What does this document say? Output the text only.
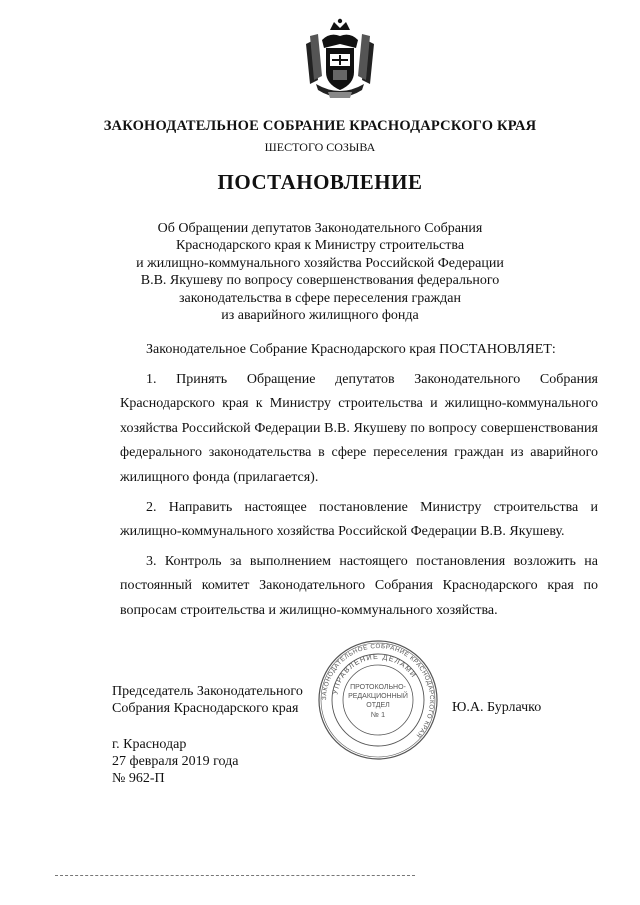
ЗАКОНОДАТЕЛЬНОЕ СОБРАНИЕ КРАСНОДАРСКОГО КРАЯ
ШЕСТОГО СОЗЫВА
ПОСТАНОВЛЕНИЕ
Об Обращении депутатов Законодательного Собрания
Краснодарского края к Министру строительства
и жилищно-коммунального хозяйства Российской Федерации
В.В. Якушеву по вопросу совершенствования федерального
законодательства в сфере переселения граждан
из аварийного жилищного фонда

Законодательное Собрание Краснодарского края ПОСТАНОВЛЯЕТ:

1. Принять Обращение депутатов Законодательного Собрания Краснодарского края к Министру строительства и жилищно-коммунального хозяйства Российской Федерации В.В. Якушеву по вопросу совершенствования федерального законодательства в сфере переселения граждан из аварийного жилищного фонда (прилагается).

2. Направить настоящее постановление Министру строительства и жилищно-коммунального хозяйства Российской Федерации В.В. Якушеву.

3. Контроль за выполнением настоящего постановления возложить на постоянный комитет Законодательного Собрания Краснодарского края по вопросам строительства и жилищно-коммунального хозяйства.

ЗАКОНОДАТЕЛЬНОЕ СОБРАНИЕ КРАСНОДАРСКОГО КРАЯ
УПРАВЛЕНИЕ ДЕЛАМИ
ПРОТОКОЛЬНО-
РЕДАКЦИОННЫЙ
ОТДЕЛ
№ 1
Председатель Законодательного
Собрания Краснодарского края	Ю.А. Бурлачко
г. Краснодар
27 февраля 2019 года
№ 962-П
